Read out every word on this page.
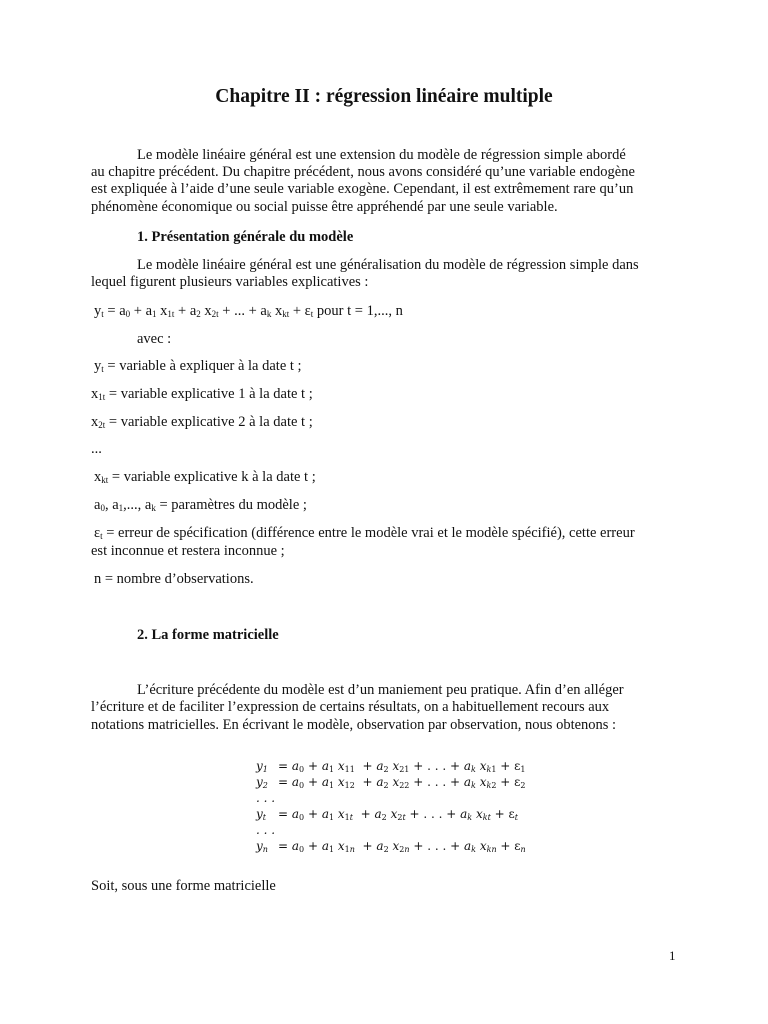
Chapitre II : régression linéaire multiple
Le modèle linéaire général est une extension du modèle de régression simple abordé
au chapitre précédent. Du chapitre précédent, nous avons considéré qu’une variable endogène
est expliquée à l’aide d’une seule variable exogène. Cependant, il est extrêmement rare qu’un
phénomène économique ou social puisse être appréhendé par une seule variable.
1. Présentation générale du modèle
Le modèle linéaire général est une généralisation du modèle de régression simple dans
lequel figurent plusieurs variables explicatives :
$y_t = a_0 + a_1$ $x_{1t} + a_2$ $x_{2t}$ + ... + $a_k$ $x_{kt} + \varepsilon_t$ pour t = 1,..., n
avec :
$y_t$ = variable à expliquer à la date t ;
$x_{1t}$ = variable explicative 1 à la date t ;
$x_{2t}$ = variable explicative 2 à la date t ;
...
$x_{kt}$ = variable explicative k à la date t ;
$a_0$, $a_1$,..., $a_k$ = paramètres du modèle ;
$\varepsilon_t$ = erreur de spécification (différence entre le modèle vrai et le modèle spécifié), cette erreur
est inconnue et restera inconnue ;
n = nombre d’observations.
2. La forme matricielle
L’écriture précédente du modèle est d’un maniement peu pratique. Afin d’en alléger
l’écriture et de faciliter l’expression de certains résultats, on a habituellement recours aux
notations matricielles. En écrivant le modèle, observation par observation, nous obtenons :
$y_1 = a_0 + a_1$ $x_{11} + a_2$ $x_{21}$ + . . . + $a_k$ $x_{k1} + \varepsilon_1$
$y_2 = a_0 + a_1$ $x_{12} + a_2$ $x_{22}$ + . . . + $a_k$ $x_{k2} + \varepsilon_2$
. . .
$y_t$	= $a_0 + a_1$ $x_{1t} + a_2$ $x_{2t}$ + . . . + $a_k$ $x_{kt} + \varepsilon_t$
. . .
$y_n = a_0 + a_1$ $x_{1n} + a_2$ $x_{2n}$ + . . . + $a_k$ $x_{kn} + \varepsilon_n$
Soit, sous une forme matricielle
1
